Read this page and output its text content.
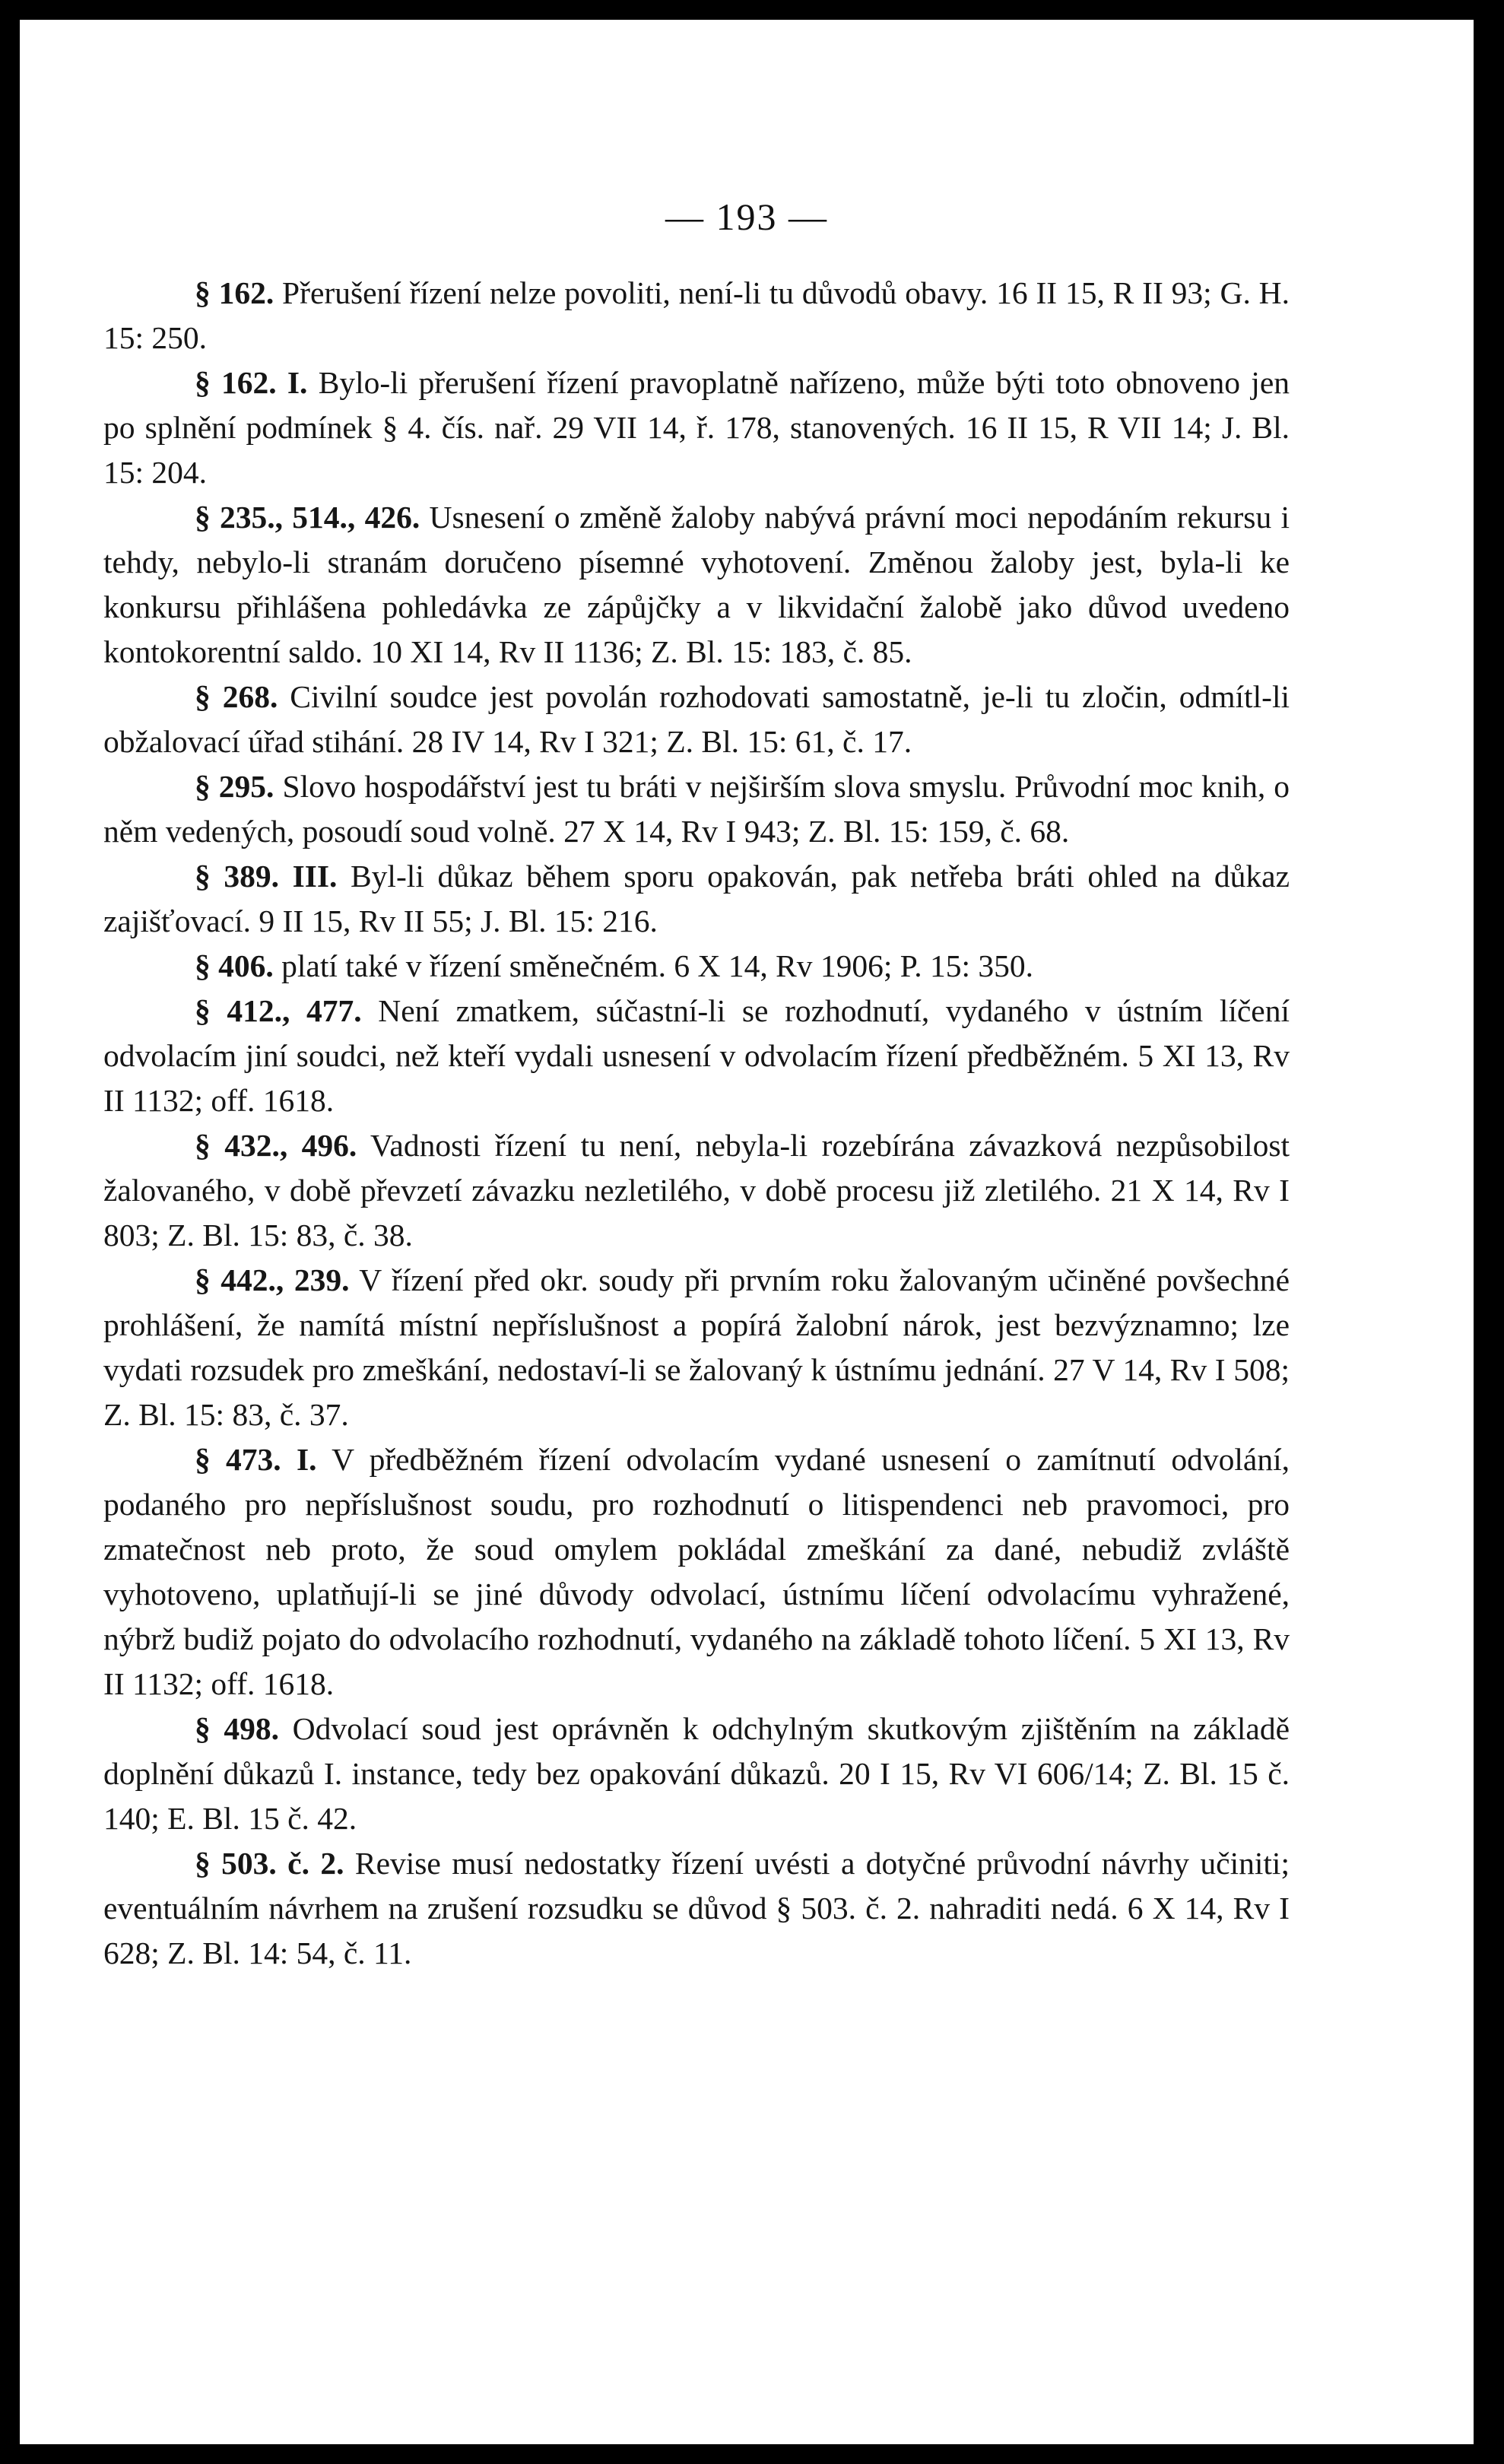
— 193 —

§ 162. Přerušení řízení nelze povoliti, není-li tu důvodů obavy. 16 II 15, R II 93; G. H. 15: 250.

§ 162. I. Bylo-li přerušení řízení pravoplatně nařízeno, může býti toto obnoveno jen po splnění podmínek § 4. čís. nař. 29 VII 14, ř. 178, stanovených. 16 II 15, R VII 14; J. Bl. 15: 204.

§ 235., 514., 426. Usnesení o změně žaloby nabývá právní moci nepodáním rekursu i tehdy, nebylo-li stranám doručeno písemné vyhotovení. Změnou žaloby jest, byla-li ke konkursu přihlášena pohledávka ze zápůjčky a v likvidační žalobě jako důvod uvedeno kontokorentní saldo. 10 XI 14, Rv II 1136; Z. Bl. 15: 183, č. 85.

§ 268. Civilní soudce jest povolán rozhodovati samostatně, je-li tu zločin, odmítl-li obžalovací úřad stihání. 28 IV 14, Rv I 321; Z. Bl. 15: 61, č. 17.

§ 295. Slovo hospodářství jest tu bráti v nejširším slova smyslu. Průvodní moc knih, o něm vedených, posoudí soud volně. 27 X 14, Rv I 943; Z. Bl. 15: 159, č. 68.

§ 389. III. Byl-li důkaz během sporu opakován, pak netřeba bráti ohled na důkaz zajišťovací. 9 II 15, Rv II 55; J. Bl. 15: 216.

§ 406. platí také v řízení směnečném. 6 X 14, Rv 1906; P. 15: 350.

§ 412., 477. Není zmatkem, súčastní-li se rozhodnutí, vydaného v ústním líčení odvolacím jiní soudci, než kteří vydali usnesení v odvolacím řízení předběžném. 5 XI 13, Rv II 1132; off. 1618.

§ 432., 496. Vadnosti řízení tu není, nebyla-li rozebírána závazková nezpůsobilost žalovaného, v době převzetí závazku nezletilého, v době procesu již zletilého. 21 X 14, Rv I 803; Z. Bl. 15: 83, č. 38.

§ 442., 239. V řízení před okr. soudy při prvním roku žalovaným učiněné povšechné prohlášení, že namítá místní nepříslušnost a popírá žalobní nárok, jest bezvýznamno; lze vydati rozsudek pro zmeškání, nedostaví-li se žalovaný k ústnímu jednání. 27 V 14, Rv I 508; Z. Bl. 15: 83, č. 37.

§ 473. I. V předběžném řízení odvolacím vydané usnesení o zamítnutí odvolání, podaného pro nepříslušnost soudu, pro rozhodnutí o litispendenci neb pravomoci, pro zmatečnost neb proto, že soud omylem pokládal zmeškání za dané, nebudiž zvláště vyhotoveno, uplatňují-li se jiné důvody odvolací, ústnímu líčení odvolacímu vyhražené, nýbrž budiž pojato do odvolacího rozhodnutí, vydaného na základě tohoto líčení. 5 XI 13, Rv II 1132; off. 1618.

§ 498. Odvolací soud jest oprávněn k odchylným skutkovým zjištěním na základě doplnění důkazů I. instance, tedy bez opakování důkazů. 20 I 15, Rv VI 606/14; Z. Bl. 15 č. 140; E. Bl. 15 č. 42.

§ 503. č. 2. Revise musí nedostatky řízení uvésti a dotyčné průvodní návrhy učiniti; eventuálním návrhem na zrušení rozsudku se důvod § 503. č. 2. nahraditi nedá. 6 X 14, Rv I 628; Z. Bl. 14: 54, č. 11.
